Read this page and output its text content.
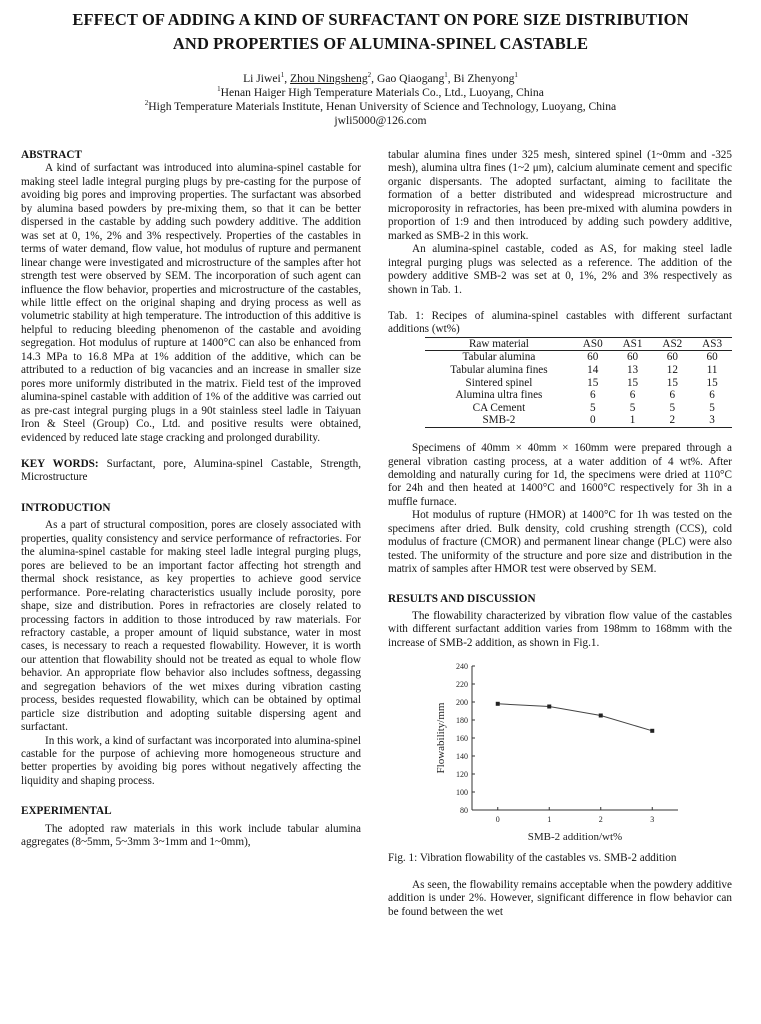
EFFECT OF ADDING A KIND OF SURFACTANT ON PORE SIZE DISTRIBUTION
AND PROPERTIES OF ALUMINA-SPINEL CASTABLE
Li Jiwei$^1$, Zhou Ningsheng$^2$, Gao Qiaogang$^1$, Bi Zhenyong$^1$
$^1$Henan Haiger High Temperature Materials Co., Ltd., Luoyang, China
$^2$High Temperature Materials Institute, Henan University of Science and Technology, Luoyang, China
jwli5000@126.com
ABSTRACT

A kind of surfactant was introduced into alumina-spinel castable for making steel ladle integral purging plugs by pre-casting for the purpose of avoiding big pores and improving properties. The surfactant was absorbed by alumina based powders by pre-mixing them, so that it can be better dispersed in the castable by adding such powdery additive. The addition was set at 0, 1%, 2% and 3% respectively. Properties of the castables in terms of water demand, flow value, hot modulus of rupture and permanent linear change were investigated and microstructure of the samples after hot strength test were observed by SEM. The incorporation of such agent can influence the flow behavior, properties and microstructure of the castables, while little effect on the original shaping and drying process as well as volumetric stability at high temperature. The introduction of this additive is helpful to reducing bleeding phenomenon of the castable and avoiding segregation. Hot modulus of rupture at 1400°C can also be enhanced from 14.3 MPa to 16.8 MPa at 1% addition of the additive, which can be attributed to a reduction of big vacancies and an increase in smaller size pores more uniformly distributed in the matrix. Field test of the improved alumina-spinel castable with addition of 1% of the additive was carried out as pre-cast integral purging plugs in a 90t stainless steel ladle in Taiyuan Iron & Steel (Group) Co., Ltd. and positive results were obtained, evidenced by reduced late stage cracking and prolonged durability.

KEY WORDS: Surfactant, pore, Alumina-spinel Castable, Strength, Microstructure

INTRODUCTION

As a part of structural composition, pores are closely associated with properties, quality consistency and service performance of refractories. For the alumina-spinel castable for making steel ladle integral purging plugs, pores are believed to be an important factor affecting hot strength and thermal shock resistance, as key properties to achieve good service performance. Pore-relating characteristics usually include porosity, pore shape, size and distribution. Pores in refractories are closely related to processing factors in addition to those introduced by raw materials. For refractory castable, a proper amount of liquid substance, water in most cases, is necessary to reach a requested flowability. However, it is worth our attention that flowability should not be treated as equal to whole flow behavior. An appropriate flow behavior also includes softness, degassing and segregation behaviors of the wet mixes during vibration casting process, besides requested flowability, which can be obtained by optimal particle size distribution and adopting suitable dispersing agent and surfactant.

In this work, a kind of surfactant was incorporated into alumina-spinel castable for the purpose of achieving more homogeneous structure and better properties by avoiding big pores without negatively affecting the liquidity and shaping process.

EXPERIMENTAL

The adopted raw materials in this work include tabular alumina aggregates (8~5mm, 5~3mm 3~1mm and 1~0mm),

tabular alumina fines under 325 mesh, sintered spinel (1~0mm and -325 mesh), alumina ultra fines (1~2 μm), calcium aluminate cement and specific organic dispersants. The adopted surfactant, aiming to facilitate the formation of a better distributed and widespread microstructure and microporosity in refractories, has been pre-mixed with alumina powders in proportion of 1:9 and then introduced by adding such powdery additive, marked as SMB-2 in this work.

An alumina-spinel castable, coded as AS, for making steel ladle integral purging plugs was selected as a reference. The addition of the powdery additive SMB-2 was set at 0, 1%, 2% and 3% respectively as shown in Tab. 1.

Tab. 1: Recipes of alumina-spinel castables with different surfactant additions (wt%)

Raw material	AS0	AS1	AS2	AS3
Tabular alumina	60	60	60	60
Tabular alumina fines	14	13	12	11
Sintered spinel	15	15	15	15
Alumina ultra fines	6	6	6	6
CA Cement	5	5	5	5
SMB-2	0	1	2	3

Specimens of 40mm × 40mm × 160mm were prepared through a general vibration casting process, at a water addition of 4 wt%. After demolding and naturally curing for 1d, the specimens were dried at 110°C for 24h and then heated at 1400°C and 1600°C respectively for 3h in a muffle furnace.

Hot modulus of rupture (HMOR) at 1400°C for 1h was tested on the specimens after dried. Bulk density, cold crushing strength (CCS), cold modulus of fracture (CMOR) and permanent linear change (PLC) were also tested. The uniformity of the structure and pore size and distribution in the matrix of samples after HMOR test were observed by SEM.

RESULTS AND DISCUSSION

The flowability characterized by vibration flow value of the castables with different surfactant addition varies from 198mm to 168mm with the increase of SMB-2 addition, as shown in Fig.1.

80
100
120
140
160
180
200
220
240
0	1	2	3
Flowability/mm
SMB-2 addition/wt%

Fig. 1: Vibration flowability of the castables vs. SMB-2 addition

As seen, the flowability remains acceptable when the powdery additive addition is under 2%. However, significant difference in flow behavior can be found between the wet
